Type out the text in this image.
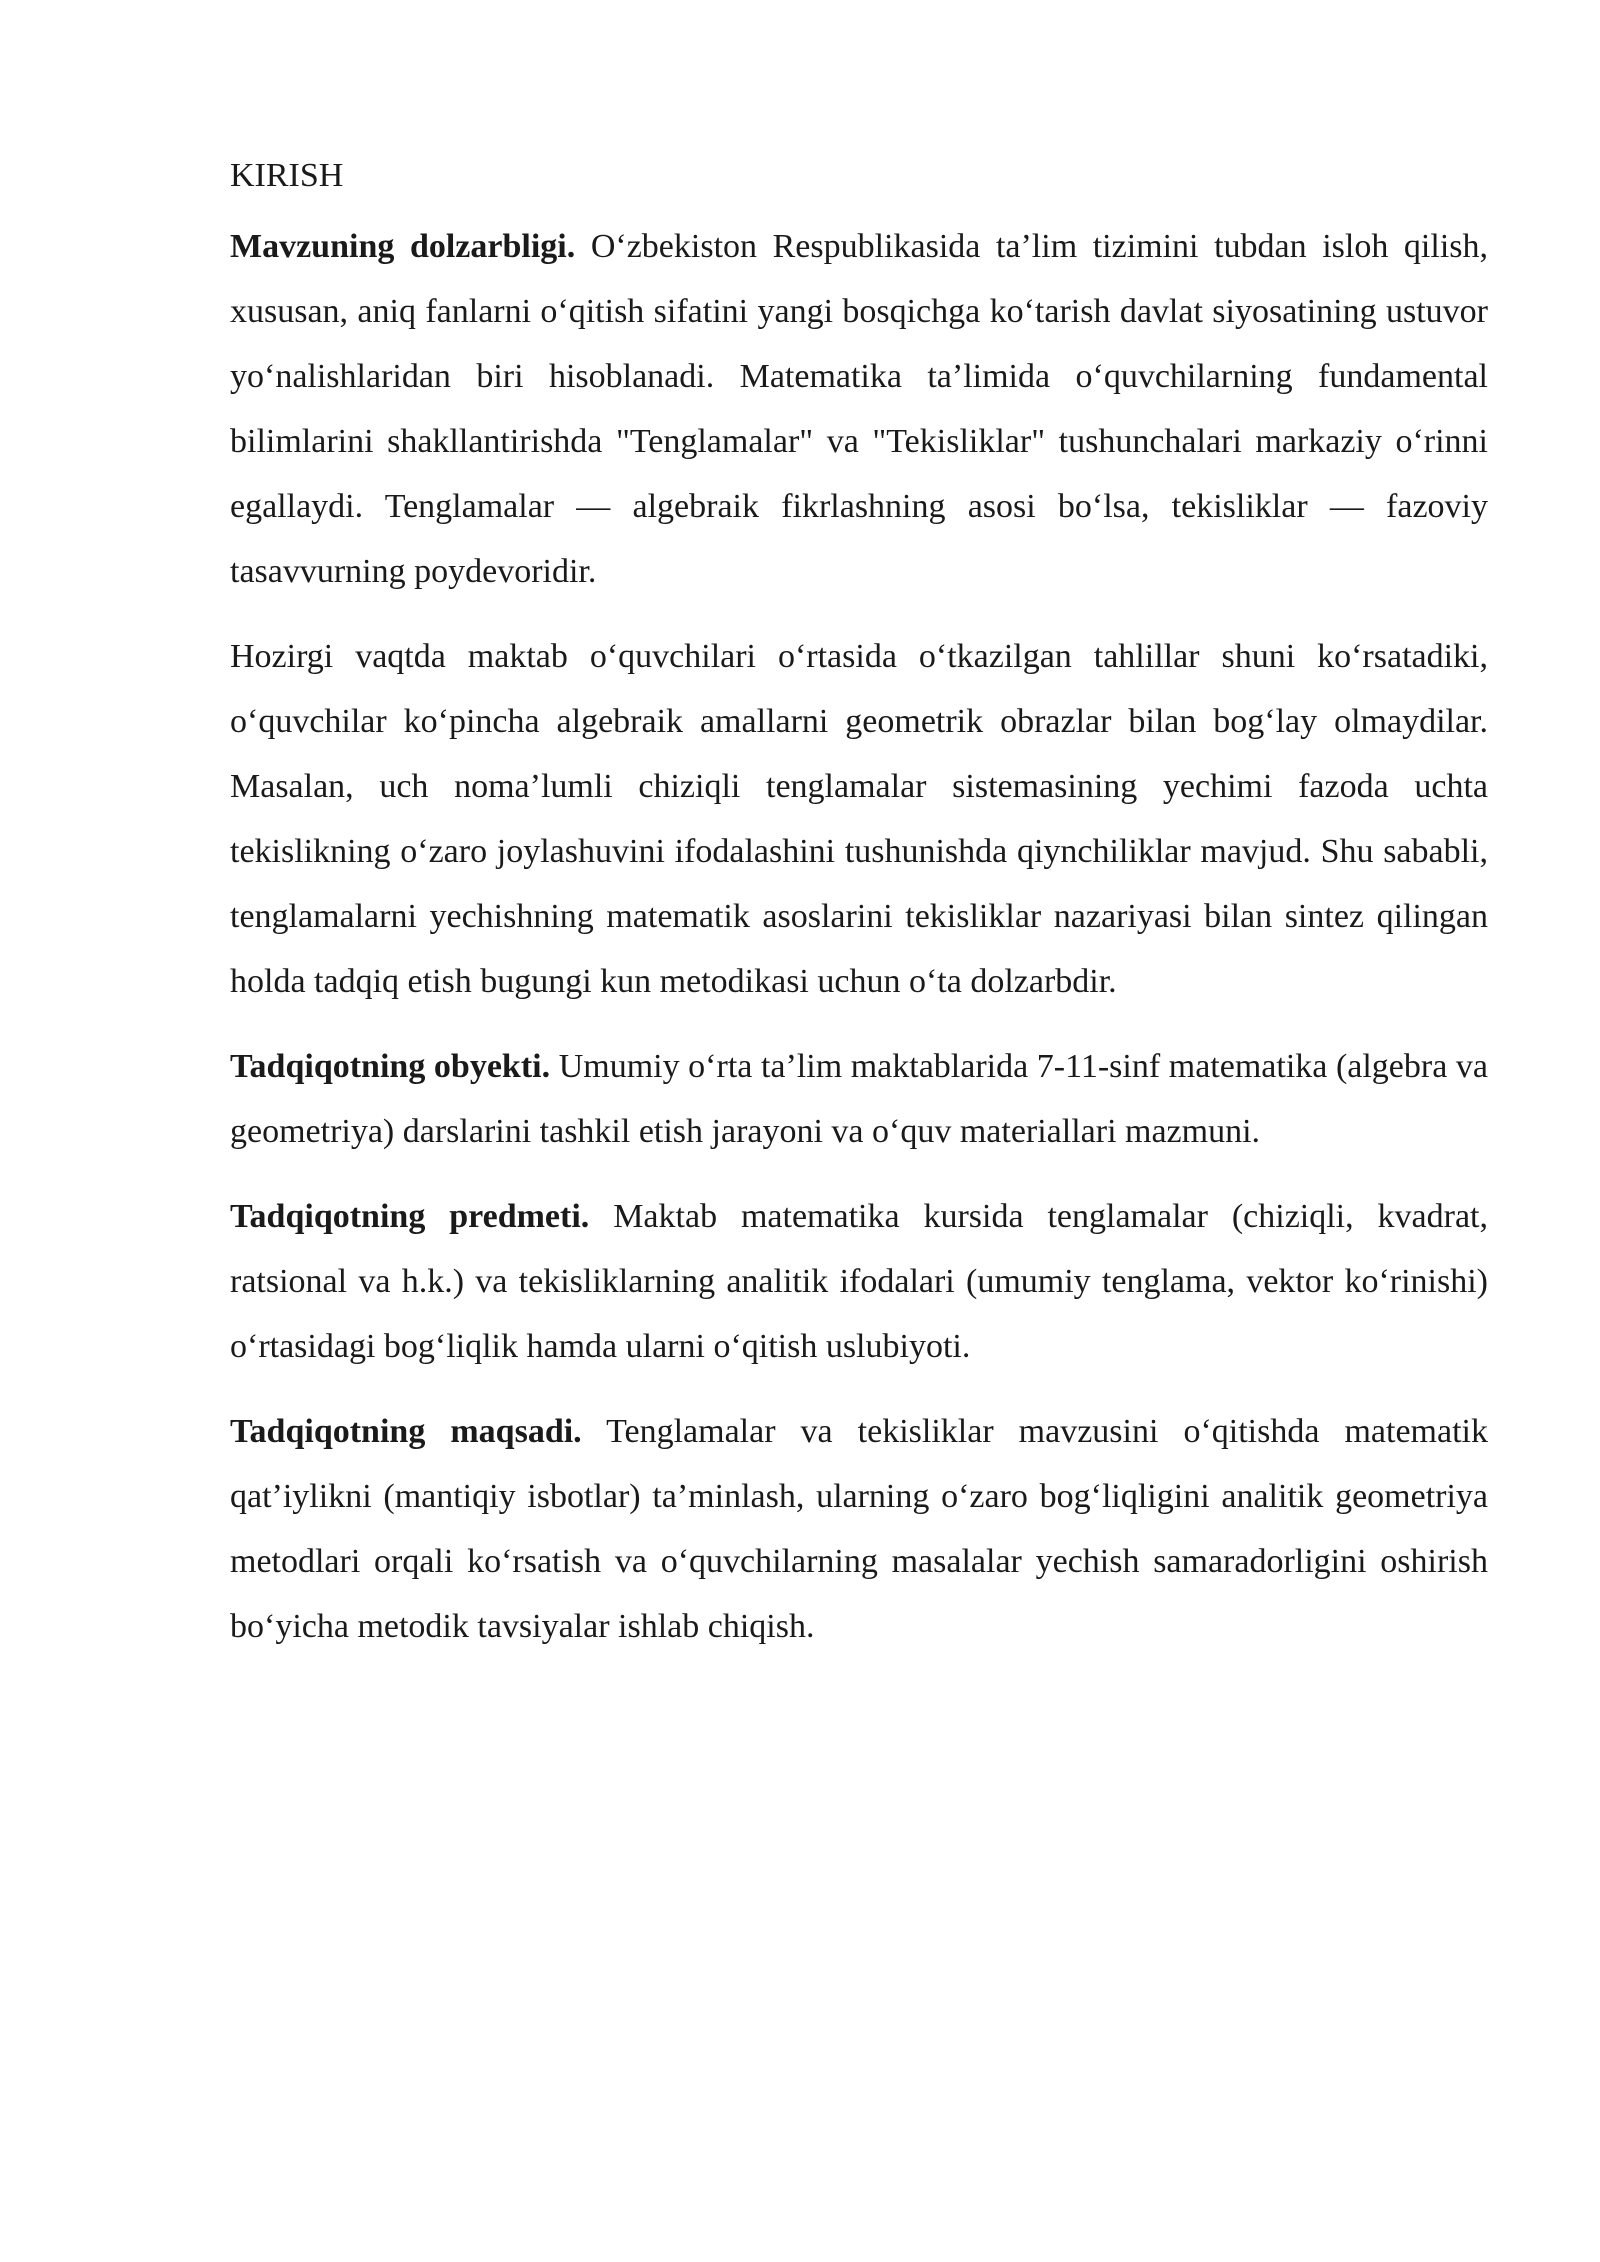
KIRISH

Mavzuning dolzarbligi. O‘zbekiston Respublikasida ta’lim tizimini tubdan isloh qilish, xususan, aniq fanlarni o‘qitish sifatini yangi bosqichga ko‘tarish davlat siyosatining ustuvor yo‘nalishlaridan biri hisoblanadi. Matematika ta’limida o‘quvchilarning fundamental bilimlarini shakllantirishda "Tenglamalar" va "Tekisliklar" tushunchalari markaziy o‘rinni egallaydi. Tenglamalar — algebraik fikrlashning asosi bo‘lsa, tekisliklar — fazoviy tasavvurning poydevoridir.

Hozirgi vaqtda maktab o‘quvchilari o‘rtasida o‘tkazilgan tahlillar shuni ko‘rsatadiki, o‘quvchilar ko‘pincha algebraik amallarni geometrik obrazlar bilan bog‘lay olmaydilar. Masalan, uch noma’lumli chiziqli tenglamalar sistemasining yechimi fazoda uchta tekislikning o‘zaro joylashuvini ifodalashini tushunishda qiynchiliklar mavjud. Shu sababli, tenglamalarni yechishning matematik asoslarini tekisliklar nazariyasi bilan sintez qilingan holda tadqiq etish bugungi kun metodikasi uchun o‘ta dolzarbdir.

Tadqiqotning obyekti. Umumiy o‘rta ta’lim maktablarida 7-11-sinf matematika (algebra va geometriya) darslarini tashkil etish jarayoni va o‘quv materiallari mazmuni.

Tadqiqotning predmeti. Maktab matematika kursida tenglamalar (chiziqli, kvadrat, ratsional va h.k.) va tekisliklarning analitik ifodalari (umumiy tenglama, vektor ko‘rinishi) o‘rtasidagi bog‘liqlik hamda ularni o‘qitish uslubiyoti.

Tadqiqotning maqsadi. Tenglamalar va tekisliklar mavzusini o‘qitishda matematik qat’iylikni (mantiqiy isbotlar) ta’minlash, ularning o‘zaro bog‘liqligini analitik geometriya metodlari orqali ko‘rsatish va o‘quvchilarning masalalar yechish samaradorligini oshirish bo‘yicha metodik tavsiyalar ishlab chiqish.
